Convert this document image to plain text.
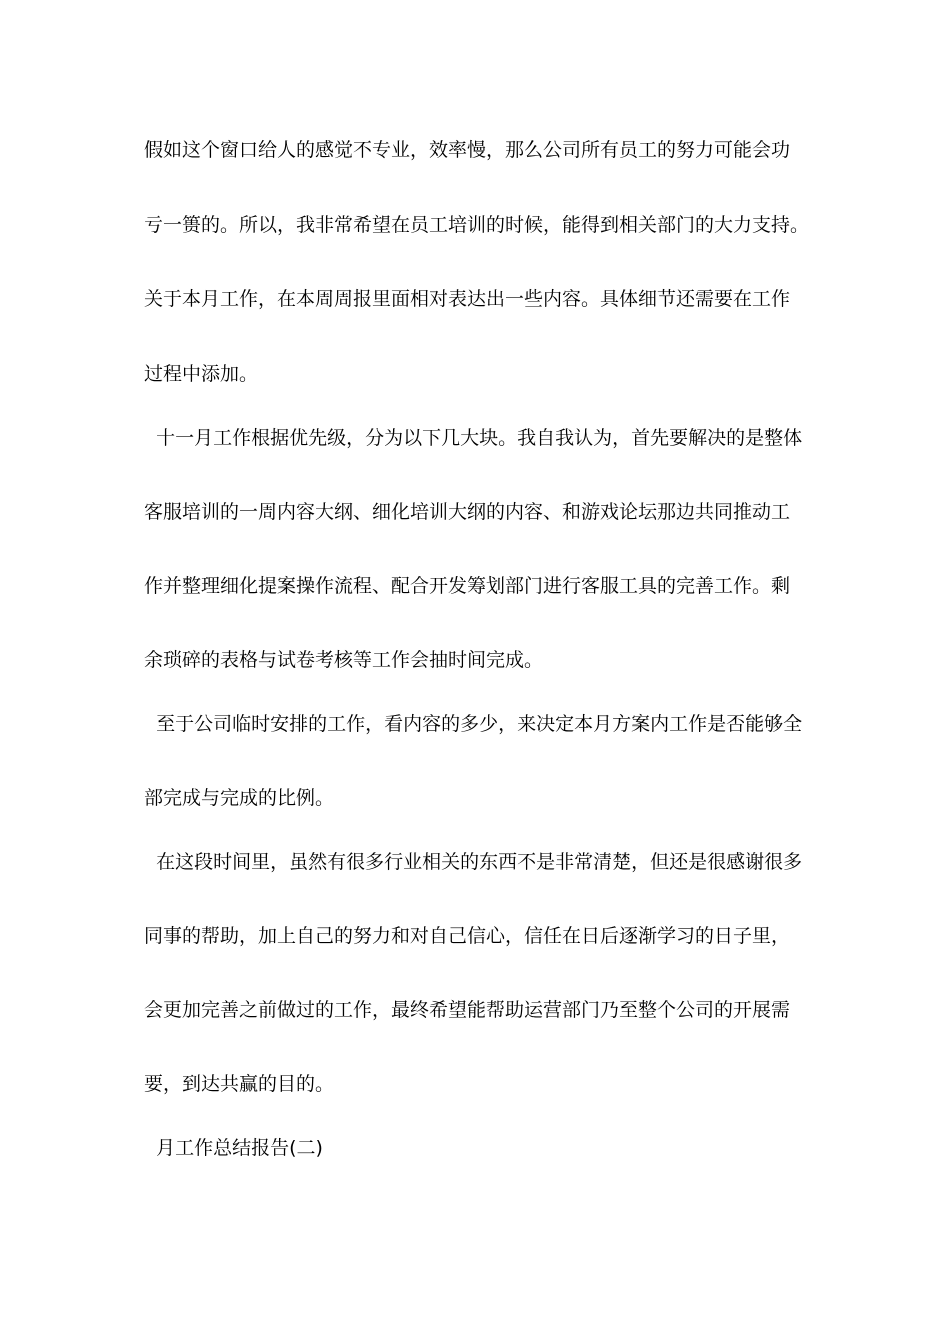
假如这个窗口给人的感觉不专业，效率慢，那么公司所有员工的努力可能会功
亏一篑的。所以，我非常希望在员工培训的时候，能得到相关部门的大力支持。
关于本月工作，在本周周报里面相对表达出一些内容。具体细节还需要在工作
过程中添加。
十一月工作根据优先级，分为以下几大块。我自我认为，首先要解决的是整体
客服培训的一周内容大纲、细化培训大纲的内容、和游戏论坛那边共同推动工
作并整理细化提案操作流程、配合开发筹划部门进行客服工具的完善工作。剩
余琐碎的表格与试卷考核等工作会抽时间完成。
至于公司临时安排的工作，看内容的多少，来决定本月方案内工作是否能够全
部完成与完成的比例。
在这段时间里，虽然有很多行业相关的东西不是非常清楚，但还是很感谢很多
同事的帮助，加上自己的努力和对自己信心，信任在日后逐渐学习的日子里，
会更加完善之前做过的工作，最终希望能帮助运营部门乃至整个公司的开展需
要，到达共赢的目的。
月工作总结报告(二)
